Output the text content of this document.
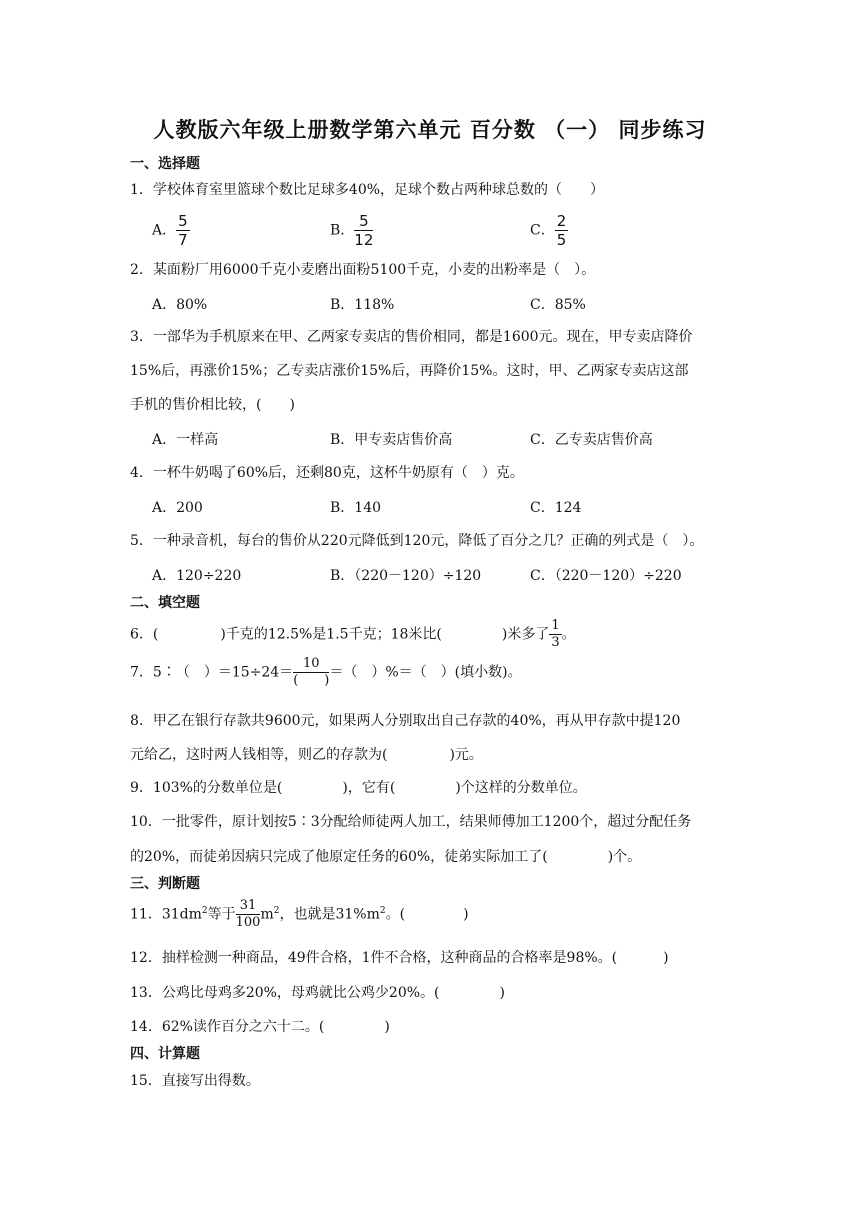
人教版六年级上册数学第六单元 百分数 （一） 同步练习
一、选择题
1．学校体育室里篮球个数比足球多40%，足球个数占两种球总数的（　　）
A． $\frac{5}{7}$	B． $\frac{5}{12}$	C． $\frac{2}{5}$
2．某面粉厂用6000千克小麦磨出面粉5100千克，小麦的出粉率是（　）。
A．80%	B．118%	C．85%
3．一部华为手机原来在甲、乙两家专卖店的售价相同，都是1600元。现在，甲专卖店降价
15%后，再涨价15%；乙专卖店涨价15%后，再降价15%。这时，甲、乙两家专卖店这部
手机的售价相比较，(　　)
A．一样高	B．甲专卖店售价高	C．乙专卖店售价高
4．一杯牛奶喝了60%后，还剩80克，这杯牛奶原有（　）克。
A．200	B．140	C．124
5．一种录音机，每台的售价从220元降低到120元，降低了百分之几？正确的列式是（　）。
A．120÷220	B．（220－120）÷120	C．（220－120）÷220
二、填空题
6．(	)千克的12.5%是1.5千克；18米比(	)米多了 $\frac{1}{3}$ 。
7．5∶（　）$=15\div 24= \frac{10}{( )}$ ＝（　）%＝（　）(填小数)。
8．甲乙在银行存款共9600元，如果两人分别取出自己存款的40%，再从甲存款中提120
元给乙，这时两人钱相等，则乙的存款为(	)元。
9．103%的分数单位是(	)，它有(	)个这样的分数单位。
10．一批零件，原计划按5∶3分配给师徒两人加工，结果师傅加工1200个，超过分配任务
的20%，而徒弟因病只完成了他原定任务的60%，徒弟实际加工了(	)个。
三、判断题
11．$31dm^2$等于 $\frac{31}{100} m^2$，也就是$31\%m^2$。(	)
12．抽样检测一种商品，49件合格，1件不合格，这种商品的合格率是98%。(	)
13．公鸡比母鸡多20%，母鸡就比公鸡少20%。(	)
14．62%读作百分之六十二。(	)
四、计算题
15．直接写出得数。
